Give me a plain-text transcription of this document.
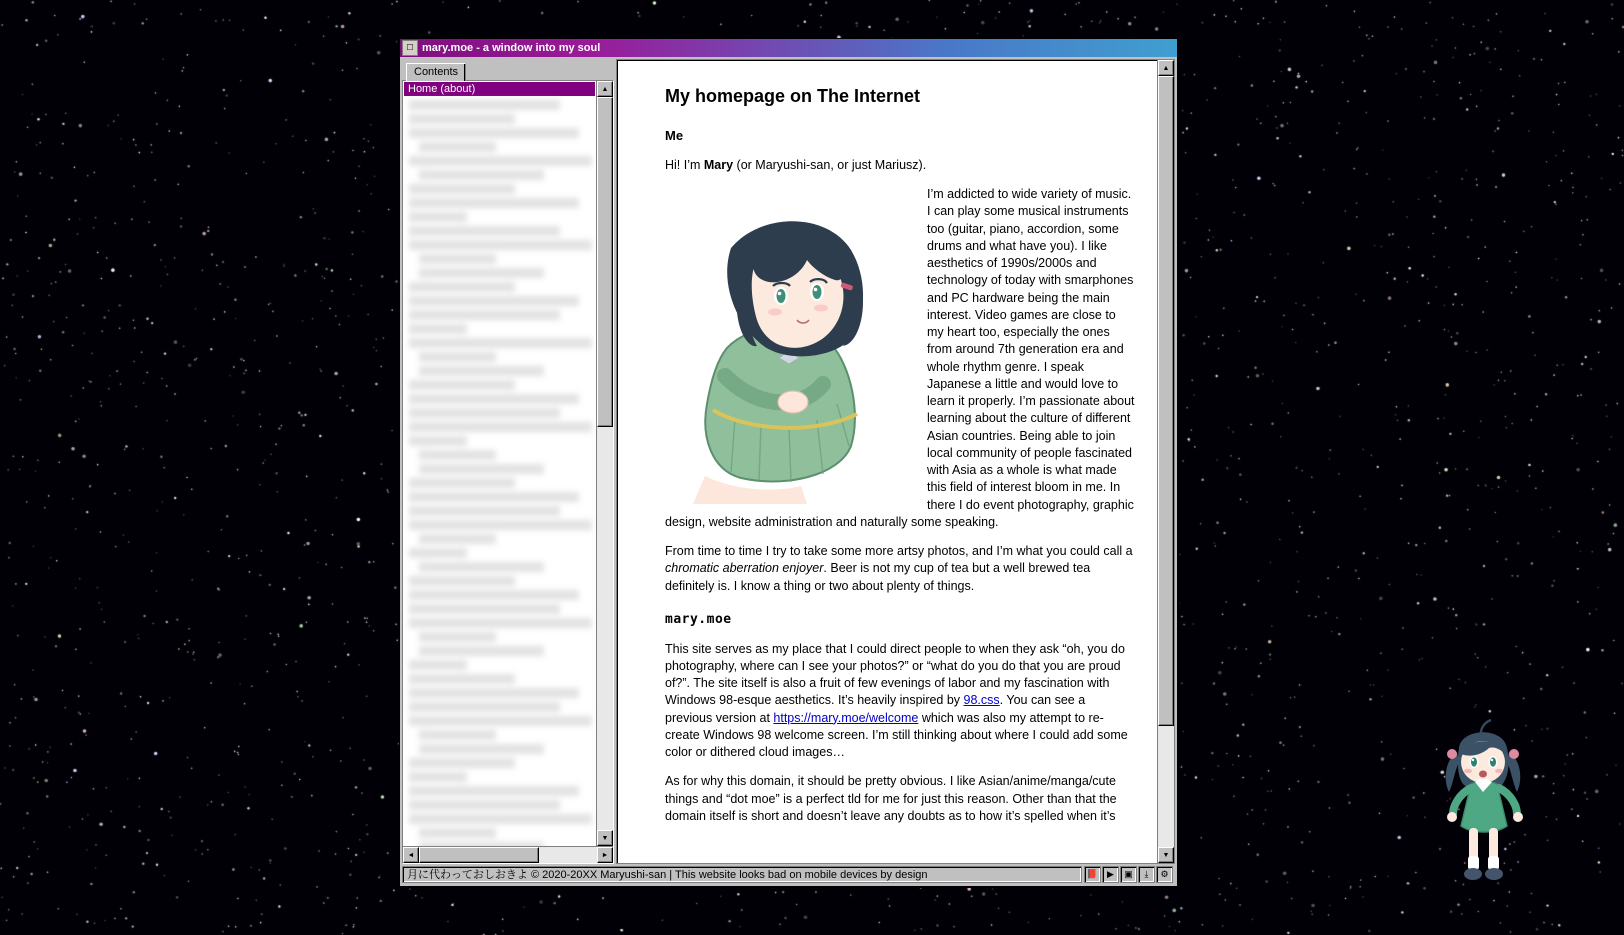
☐ mary.moe - a window into my soul
Contents
Home (about)	▲
▼
◄	►
My homepage on The Internet
Me

Hi! I’m Mary (or Maryushi-san, or just Mariusz).

I’m addicted to wide variety of music. I can play some musical instruments too (guitar, piano, accordion, some drums and what have you). I like aesthetics of 1990s/2000s and technology of today with smarphones and PC hardware being the main interest. Video games are close to my heart too, especially the ones from around 7th generation era and whole rhythm genre. I speak Japanese a little and would love to learn it properly. I’m passionate about learning about the culture of different Asian countries. Being able to join local community of people fascinated with Asia as a whole is what made this field of interest bloom in me. In there I do event photography, graphic design, website administration and naturally some speaking.

From time to time I try to take some more artsy photos, and I’m what you could call a chromatic aberration enjoyer. Beer is not my cup of tea but a well brewed tea definitely is. I know a thing or two about plenty of things.

mary.moe

This site serves as my place that I could direct people to when they ask “oh, you do photography, where can I see your photos?” or “what do you do that you are proud of?”. The site itself is also a fruit of few evenings of labor and my fascination with Windows 98-esque aesthetics. It’s heavily inspired by 98.css. You can see a previous version at https://mary.moe/welcome which was also my attempt to re-create Windows 98 welcome screen. I’m still thinking about where I could add some color or dithered cloud images…

As for why this domain, it should be pretty obvious. I like Asian/anime/manga/cute things and “dot moe” is a perfect tld for me for just this reason. Other than that the domain itself is short and doesn’t leave any doubts as to how it’s spelled when it’s

▲
▼
月に代わっておしおきよ © 2020-20XX Maryushi-san | This website looks bad on mobile devices by design	📕 ▶	▣	⤓	⚙
